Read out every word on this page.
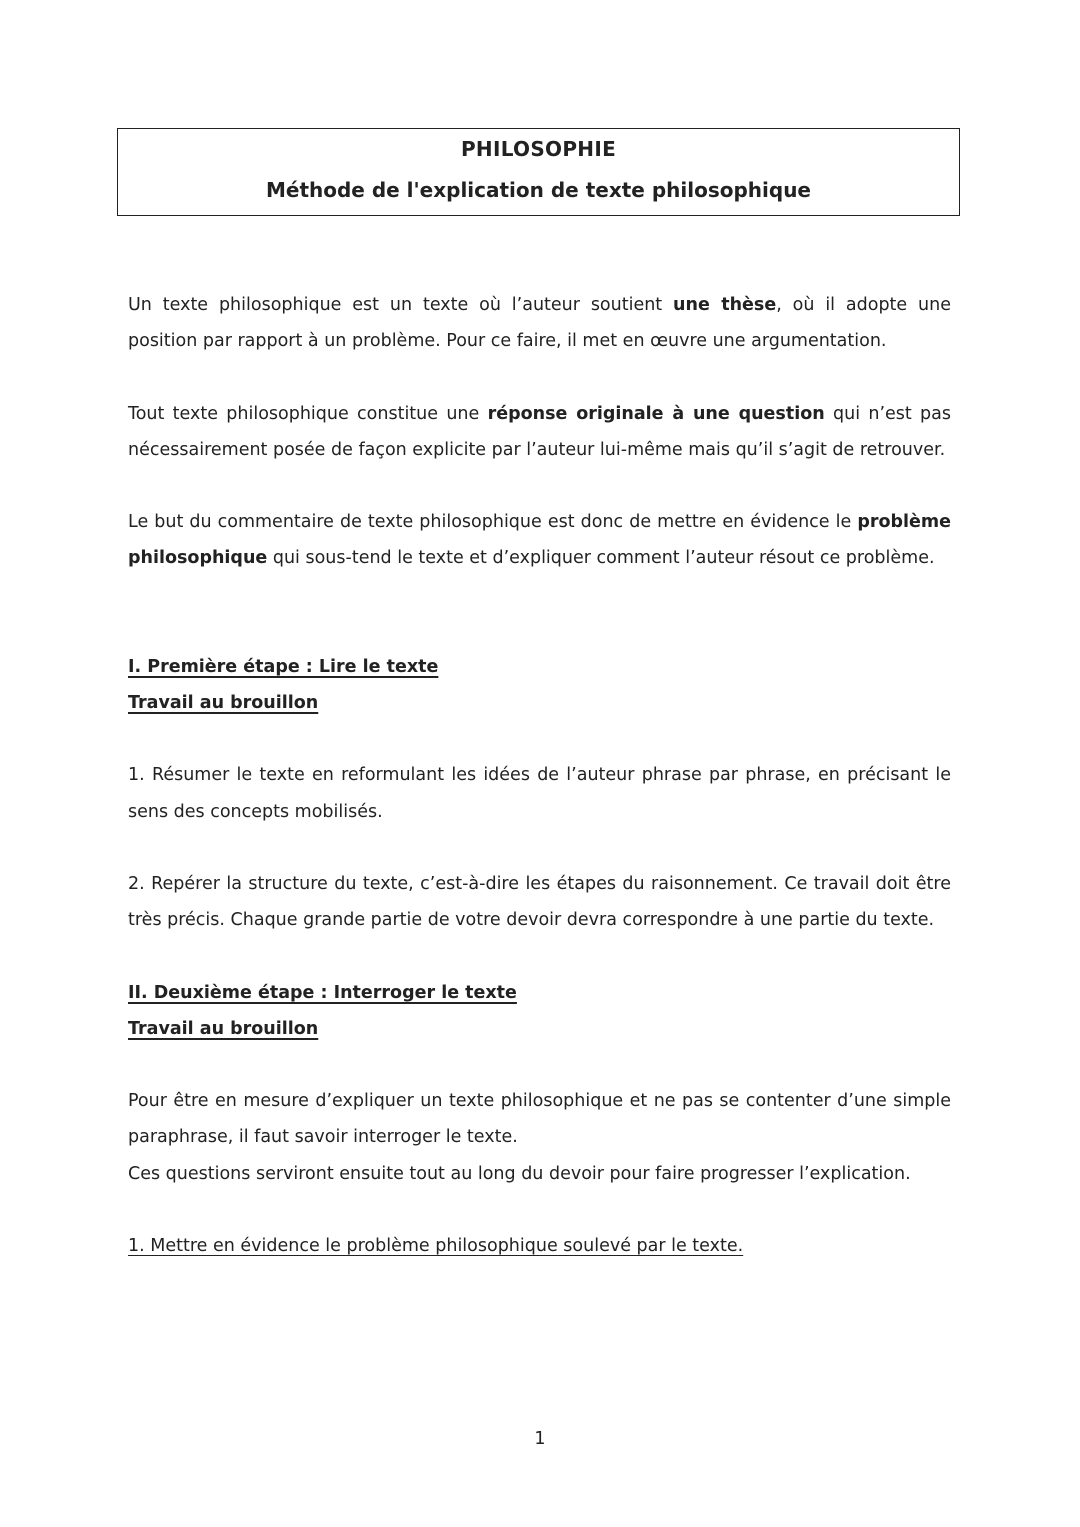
PHILOSOPHIE
Méthode de l'explication de texte philosophique

Un texte philosophique est un texte où l’auteur soutient une thèse, où il adopte une position par rapport à un problème. Pour ce faire, il met en œuvre une argumentation.

Tout texte philosophique constitue une réponse originale à une question qui n’est pas nécessairement posée de façon explicite par l’auteur lui-même mais qu’il s’agit de retrouver.

Le but du commentaire de texte philosophique est donc de mettre en évidence le problème philosophique qui sous-tend le texte et d’expliquer comment l’auteur résout ce problème.

I. Première étape : Lire le texte
Travail au brouillon

1. Résumer le texte en reformulant les idées de l’auteur phrase par phrase, en précisant le sens des concepts mobilisés.

2. Repérer la structure du texte, c’est-à-dire les étapes du raisonnement. Ce travail doit être très précis. Chaque grande partie de votre devoir devra correspondre à une partie du texte.

II. Deuxième étape : Interroger le texte
Travail au brouillon

Pour être en mesure d’expliquer un texte philosophique et ne pas se contenter d’une simple paraphrase, il faut savoir interroger le texte.

Ces questions serviront ensuite tout au long du devoir pour faire progresser l’explication.

1. Mettre en évidence le problème philosophique soulevé par le texte.

1
